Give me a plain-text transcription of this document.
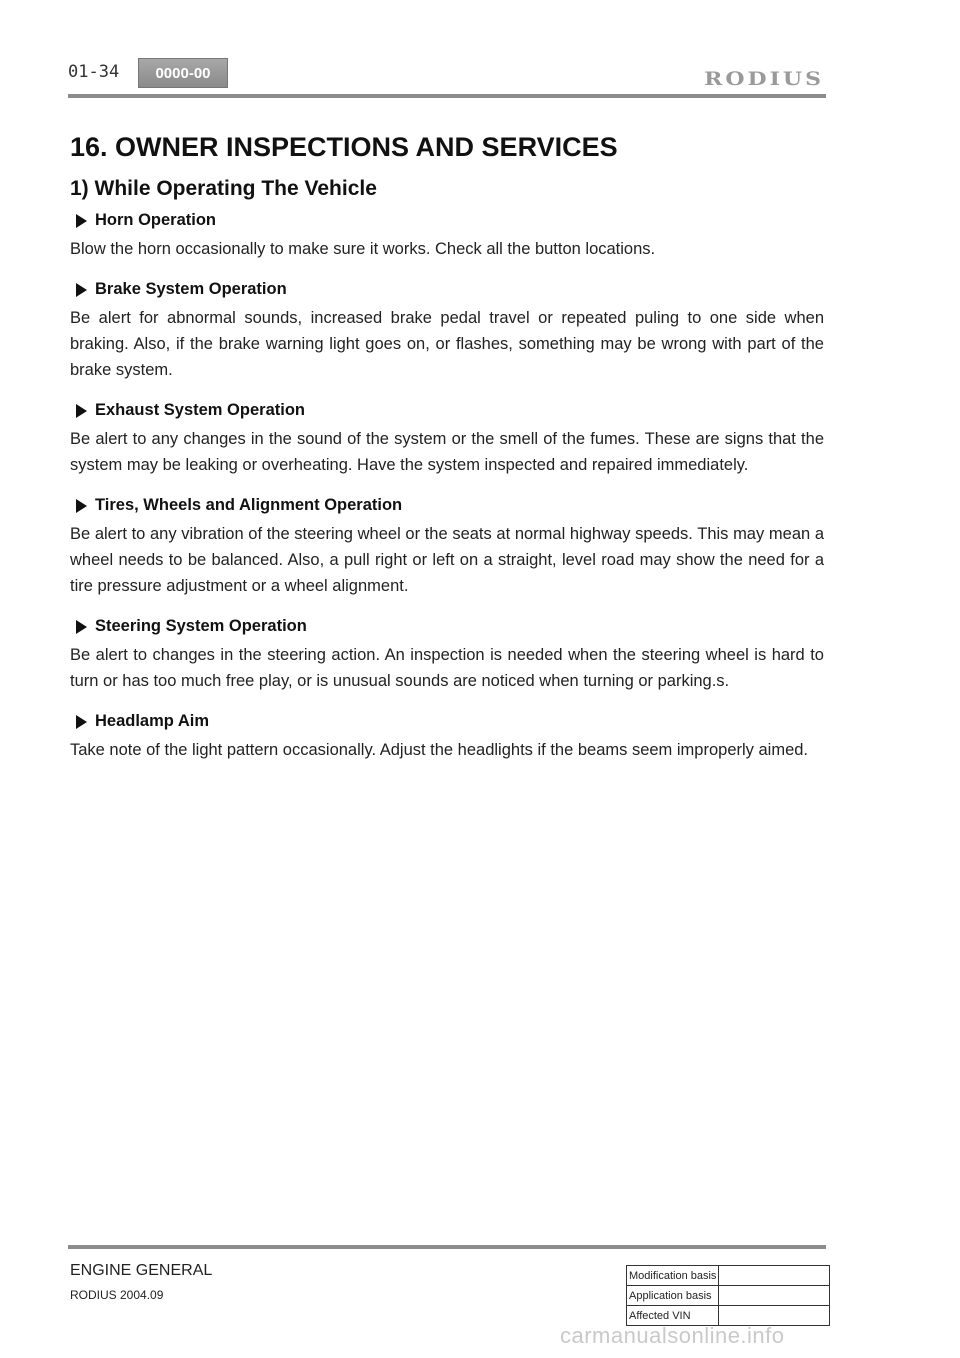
01-34 0000-00	RODIUS
16. OWNER INSPECTIONS AND SERVICES
1) While Operating The Vehicle
Horn Operation

Blow the horn occasionally to make sure it works. Check all the button locations.

Brake System Operation

Be alert for abnormal sounds, increased brake pedal travel or repeated puling to one side when braking. Also, if the brake warning light goes on, or flashes, something may be wrong with part of the brake system.

Exhaust System Operation

Be alert to any changes in the sound of the system or the smell of the fumes. These are signs that the system may be leaking or overheating. Have the system inspected and repaired immediately.

Tires, Wheels and Alignment Operation

Be alert to any vibration of the steering wheel or the seats at normal highway speeds. This may mean a wheel needs to be balanced. Also, a pull right or left on a straight, level road may show the need for a tire pressure adjustment or a wheel alignment.

Steering System Operation

Be alert to changes in the steering action. An inspection is needed when the steering wheel is hard to turn or has too much free play, or is unusual sounds are noticed when turning or parking.s.

Headlamp Aim

Take note of the light pattern occasionally. Adjust the headlights if the beams seem improperly aimed.

ENGINE GENERAL
RODIUS 2004.09
Modification basis	
Application basis	
Affected VIN	
carmanualsonline.info
